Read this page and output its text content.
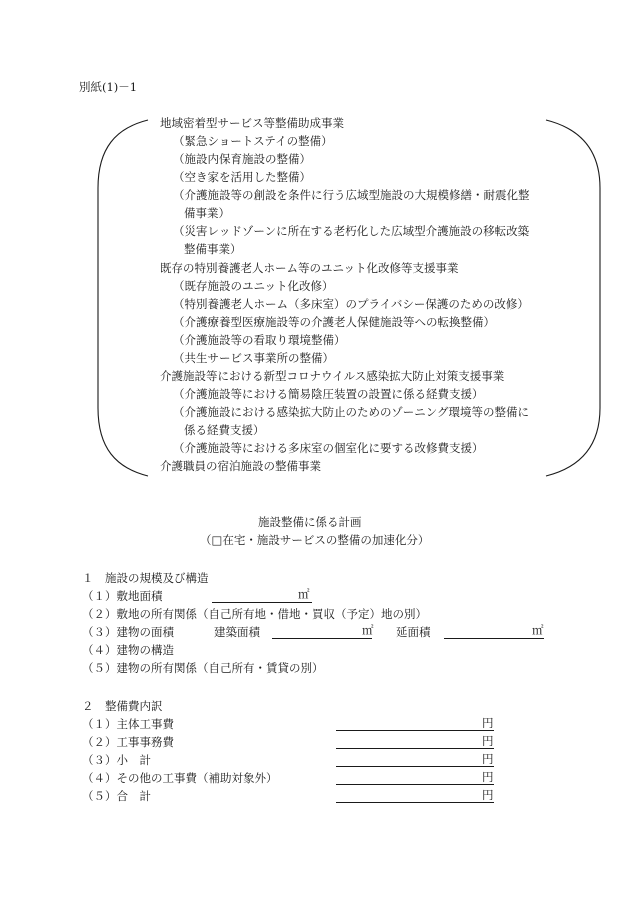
別紙(1)－1
地域密着型サービス等整備助成事業
（緊急ショートステイの整備）
（施設内保育施設の整備）
（空き家を活用した整備）
（介護施設等の創設を条件に行う広域型施設の大規模修繕・耐震化整
備事業）
（災害レッドゾーンに所在する老朽化した広域型介護施設の移転改築
整備事業）
既存の特別養護老人ホーム等のユニット化改修等支援事業
（既存施設のユニット化改修）
（特別養護老人ホーム（多床室）のプライバシー保護のための改修）
（介護療養型医療施設等の介護老人保健施設等への転換整備）
（介護施設等の看取り環境整備）
（共生サービス事業所の整備）
介護施設等における新型コロナウイルス感染拡大防止対策支援事業
（介護施設等における簡易陰圧装置の設置に係る経費支援）
（介護施設における感染拡大防止のためのゾーニング環境等の整備に
係る経費支援）
（介護施設等における多床室の個室化に要する改修費支援）
介護職員の宿泊施設の整備事業
施設整備に係る計画
（□在宅・施設サービスの整備の加速化分）
１　施設の規模及び構造
（１）敷地面積	㎡
（２）敷地の所有関係（自己所有地・借地・買収（予定）地の別）
（３）建物の面積	建築面積	㎡ 延面積	㎡
（４）建物の構造
（５）建物の所有関係（自己所有・賃貸の別）
２　整備費内訳
（１）主体工事費	円
（２）工事事務費	円
（３）小　計	円
（４）その他の工事費（補助対象外）	円
（５）合　計	円
